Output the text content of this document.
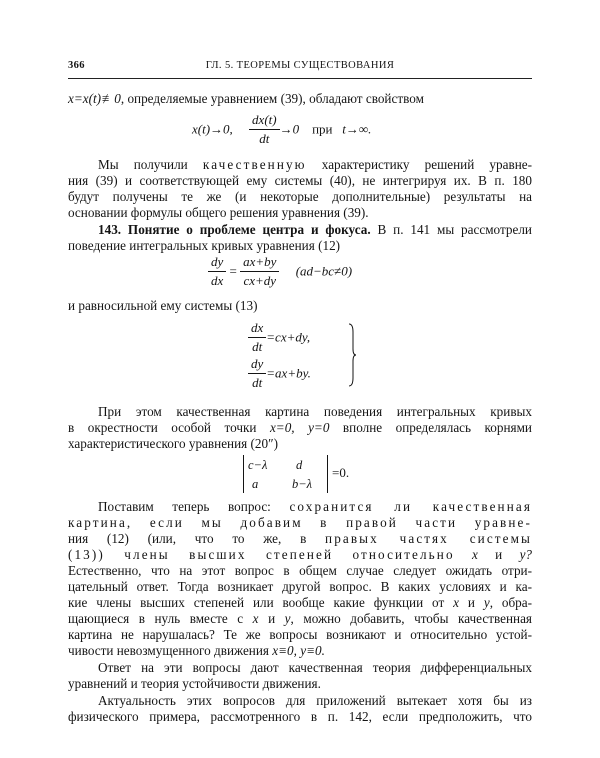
366	ГЛ. 5. ТЕОРЕМЫ СУЩЕСТВОВАНИЯ
x=x(t)≢0, определяемые уравнением (39), обладают свойством
x(t)→0, $\frac{dx(t)}{dt} \to 0$ при t→∞.
Мы получили качественную характеристику решений уравне-
ния (39) и соответствующей ему системы (40), не интегрируя их. В п. 180
будут получены те же (и некоторые дополнительные) результаты на
основании формулы общего решения уравнения (39).
143. Понятие о проблеме центра и фокуса. В п. 141 мы рассмотрели
поведение интегральных кривых уравнения (12)
$\frac{dy}{dx} = \frac{ax+by}{cx+dy} (ad-bc\ne 0)$
и равносильной ему системы (13)
$\frac{dx}{dt} =cx+dy$,
$\frac{dy}{dt} =ax+by$.
При этом качественная картина поведения интегральных кривых
в окрестности особой точки x=0, y=0 вполне определялась корнями
характеристического уравнения (20″)
c−λ d
a	b−λ
=0.
Поставим теперь вопрос: сохранится ли качественная
картина, если мы добавим в правой части уравне-
ния (12) (или, что то же, в правых частях системы
(13)) члены высших степеней относительно x и y?
Естественно, что на этот вопрос в общем случае следует ожидать отри-
цательный ответ. Тогда возникает другой вопрос. В каких условиях и ка-
кие члены высших степеней или вообще какие функции от x и y, обра-
щающиеся в нуль вместе с x и y, можно добавить, чтобы качественная
картина не нарушалась? Те же вопросы возникают и относительно устой-
чивости невозмущенного движения x≡0, y≡0.
Ответ на эти вопросы дают качественная теория дифференциальных
уравнений и теория устойчивости движения.
Актуальность этих вопросов для приложений вытекает хотя бы из
физического примера, рассмотренного в п. 142, если предположить, что
